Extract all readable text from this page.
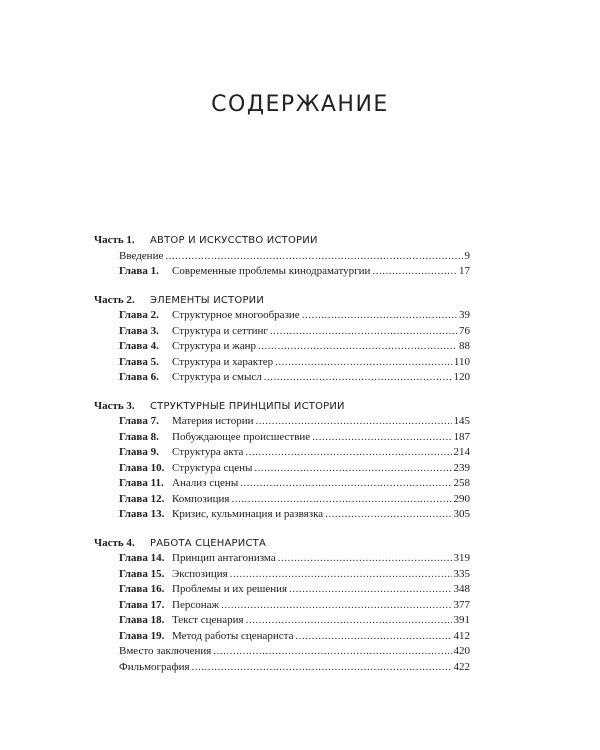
СОДЕРЖАНИЕ
Часть 1.	АВТОР И ИСКУССТВО ИСТОРИИ
Введение .....	9
Глава 1.	Современные проблемы кинодраматургии .....	17
Часть 2.	ЭЛЕМЕНТЫ ИСТОРИИ
Глава 2.	Структурное многообразие .....	39
Глава 3.	Структура и сеттинг .....	76
Глава 4.	Структура и жанр .....	88
Глава 5.	Структура и характер .....	110
Глава 6.	Структура и смысл .....	120
Часть 3.	СТРУКТУРНЫЕ ПРИНЦИПЫ ИСТОРИИ
Глава 7.	Материя истории .....	145
Глава 8.	Побуждающее происшествие .....	187
Глава 9.	Структура акта .....	214
Глава 10. Структура сцены .....	239
Глава 11. Анализ сцены .....	258
Глава 12. Композиция .....	290
Глава 13. Кризис, кульминация и развязка .....	305
Часть 4.	РАБОТА СЦЕНАРИСТА
Глава 14. Принцип антагонизма .....	319
Глава 15. Экспозиция .....	335
Глава 16. Проблемы и их решения .....	348
Глава 17. Персонаж .....	377
Глава 18. Текст сценария .....	391
Глава 19. Метод работы сценариста .....	412
Вместо заключения .....	420
Фильмография .....	422
